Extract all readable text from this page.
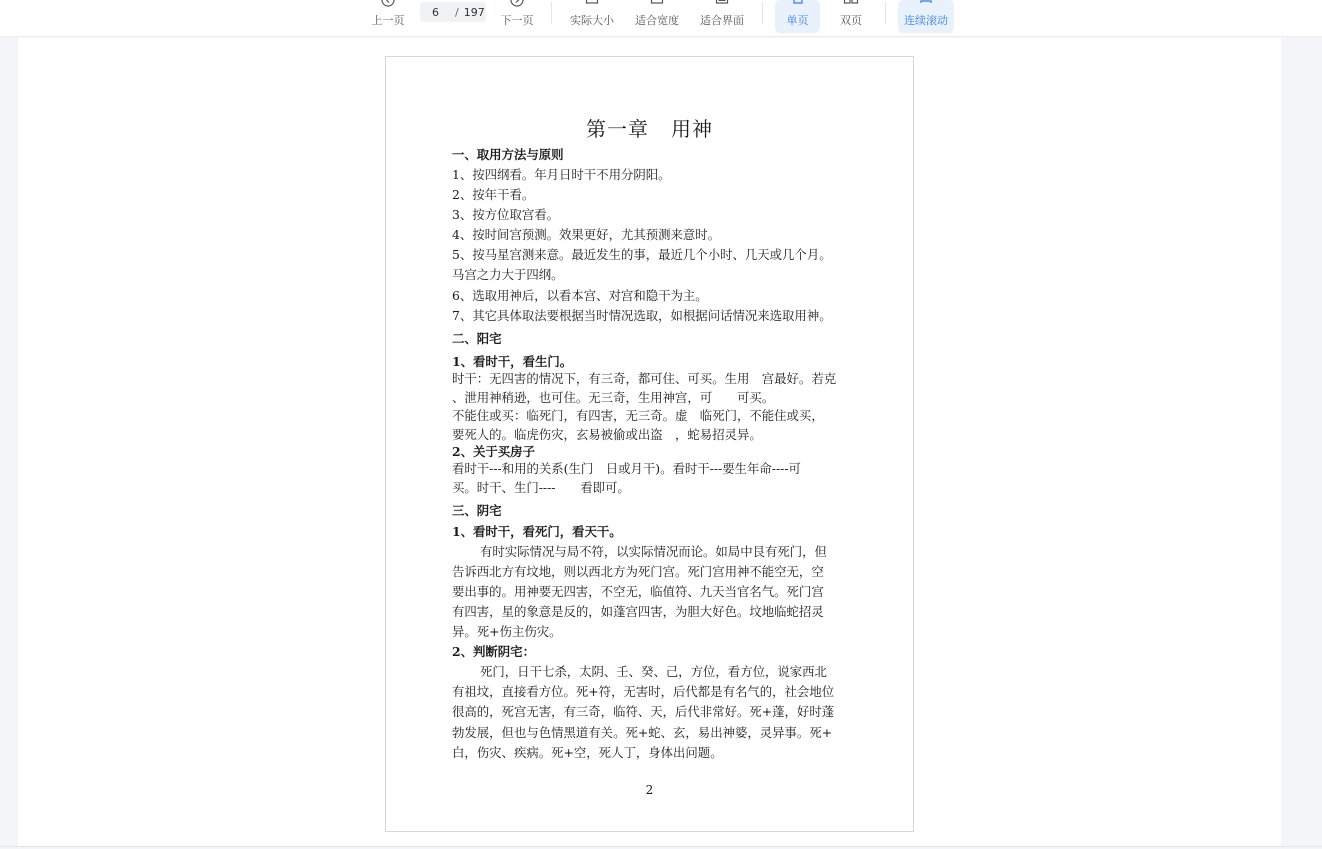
上一页
6	/ 197
下一页	实际大小 适合宽度 适合界面	单页	双页	连续滚动
第一章 用神
一、取用方法与原则
1、按四纲看。年月日时干不用分阴阳。
2、按年干看。
3、按方位取宫看。
4、按时间宫预测。效果更好，尤其预测来意时。
5、按马星宫测来意。最近发生的事，最近几个小时、几天或几个月。
马宫之力大于四纲。
6、选取用神后，以看本宫、对宫和隐干为主。
7、其它具体取法要根据当时情况选取，如根据问话情况来选取用神。
二、阳宅
1、看时干，看生门。
时干：无四害的情况下，有三奇，都可住、可买。生用　宫最好。若克
、泄用神稍逊，也可住。无三奇，生用神宫，可　　可买。
不能住或买：临死门，有四害，无三奇。虚　临死门，不能住或买，
要死人的。临虎伤灾，玄易被偷或出盗　，蛇易招灵异。
2、关于买房子
看时干---和用的关系(生门　日或月干)。看时干---要生年命----可
买。时干、生门----　　看即可。
三、阴宅
1、看时干，看死门，看天干。
有时实际情况与局不符，以实际情况而论。如局中艮有死门，但
告诉西北方有坟地，则以西北方为死门宫。死门宫用神不能空无，空
要出事的。用神要无四害，不空无，临值符、九天当官名气。死门宫
有四害，星的象意是反的，如蓬宫四害，为胆大好色。坟地临蛇招灵
异。死+伤主伤灾。
2、判断阴宅：
死门，日干七杀，太阴、壬、癸、己，方位，看方位，说家西北
有祖坟，直接看方位。死+符，无害时，后代都是有名气的，社会地位
很高的，死宫无害，有三奇，临符、天，后代非常好。死+蓬，好时蓬
勃发展，但也与色情黑道有关。死+蛇、玄，易出神婆，灵异事。死+
白，伤灾、疾病。死+空，死人丁，身体出问题。
2
